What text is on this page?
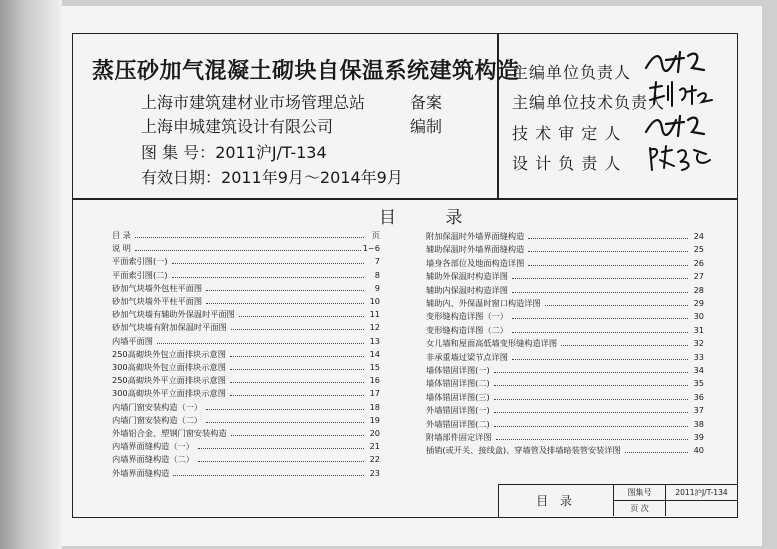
蒸压砂加气混凝土砌块自保温系统建筑构造
上海市建筑建材业市场管理总站	备案
上海申城建筑设计有限公司	编制
图 集 号：2011沪J/T-134
有效日期：2011年9月～2014年9月
主编单位负责人
主编单位技术负责人
技 术 审 定 人
设 计 负 责 人
目 录
目 录	页
说 明	1~6
平面索引图(一)	7
平面索引图(二)	8
砂加气块墙外包柱平面图	9
砂加气块墙外平柱平面图	10
砂加气块墙有辅助外保温时平面图	11
砂加气块墙有附加保温时平面图	12
内墙平面图	13
250高砌块外包立面排块示意图	14
300高砌块外包立面排块示意图	15
250高砌块外平立面排块示意图	16
300高砌块外平立面排块示意图	17
内墙门窗安装构造（一）	18
内墙门窗安装构造（二）	19
外墙铝合金、塑钢门窗安装构造	20
内墙界面缝构造（一）	21
内墙界面缝构造（二）	22
外墙界面缝构造	23
附加保温时外墙界面缝构造	24
辅助保温时外墙界面缝构造	25
墙身各部位及地面构造详图	26
辅助外保温时构造详图	27
辅助内保温时构造详图	28
辅助内、外保温时窗口构造详图	29
变形缝构造详图（一）	30
变形缝构造详图（二）	31
女儿墙和屋面高低墙变形缝构造详图	32
非承重墙过梁节点详图	33
墙体错固详图(一)	34
墙体错固详图(二)	35
墙体错固详图(三)	36
外墙错固详图(一)	37
外墙错固详图(二)	38
附墙部件固定详图	39
插销(或开关、接线盒)、穿墙管及排墙暗装管安装详图	40
目 录
图集号	2011沪J/T-134
页 次
